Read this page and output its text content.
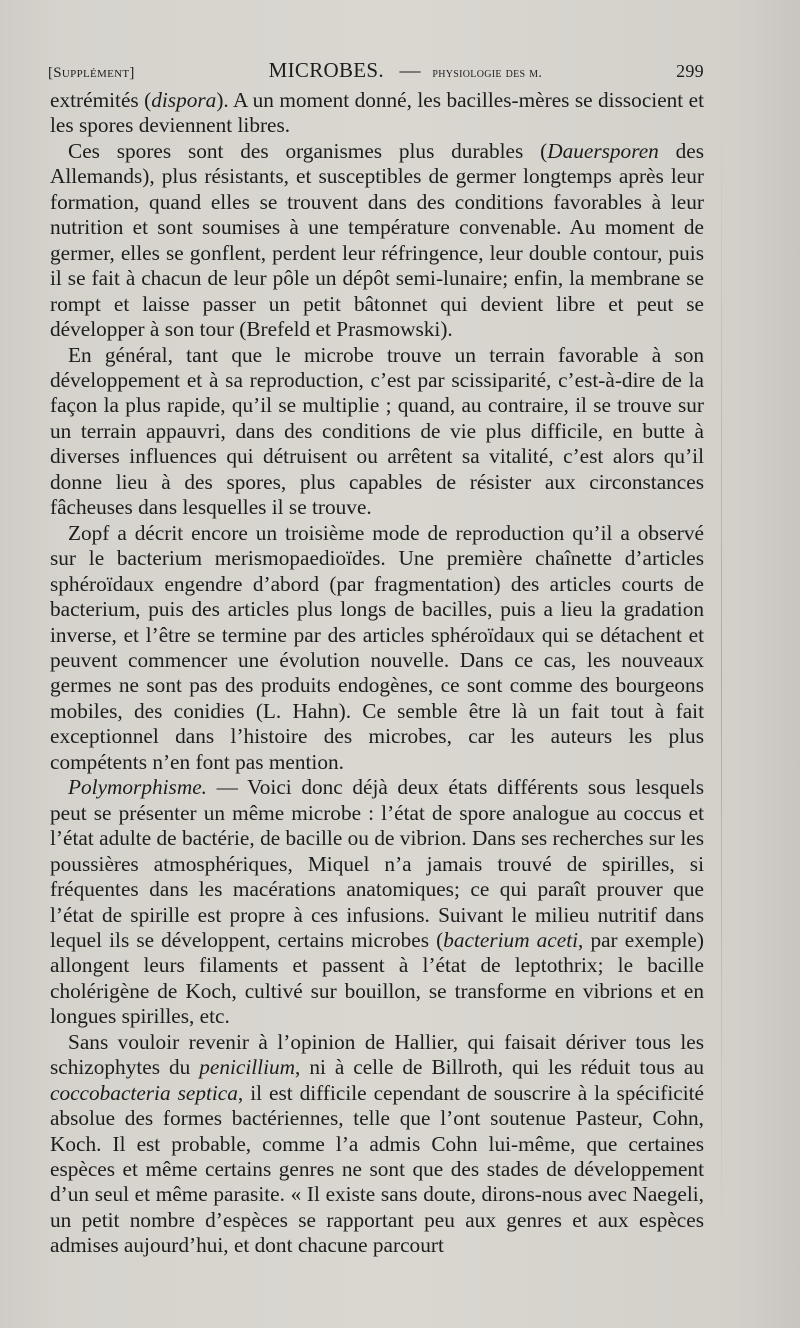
[Supplément]	MICROBES. — physiologie des m.	299

extrémités (dispora). A un moment donné, les bacilles-mères se dissocient et les spores deviennent libres.

Ces spores sont des organismes plus durables (Dauersporen des Allemands), plus résistants, et susceptibles de germer longtemps après leur formation, quand elles se trouvent dans des conditions favorables à leur nutrition et sont soumises à une température convenable. Au moment de germer, elles se gonflent, perdent leur réfringence, leur double contour, puis il se fait à chacun de leur pôle un dépôt semi-lunaire; enfin, la membrane se rompt et laisse passer un petit bâtonnet qui devient libre et peut se développer à son tour (Brefeld et Prasmowski).

En général, tant que le microbe trouve un terrain favorable à son développement et à sa reproduction, c’est par scissiparité, c’est-à-dire de la façon la plus rapide, qu’il se multiplie ; quand, au contraire, il se trouve sur un terrain appauvri, dans des conditions de vie plus difficile, en butte à diverses influences qui détruisent ou arrêtent sa vitalité, c’est alors qu’il donne lieu à des spores, plus capables de résister aux circonstances fâcheuses dans lesquelles il se trouve.

Zopf a décrit encore un troisième mode de reproduction qu’il a observé sur le bacterium merismopaedioïdes. Une première chaînette d’articles sphéroïdaux engendre d’abord (par fragmentation) des articles courts de bacterium, puis des articles plus longs de bacilles, puis a lieu la gradation inverse, et l’être se termine par des articles sphéroïdaux qui se détachent et peuvent commencer une évolution nouvelle. Dans ce cas, les nouveaux germes ne sont pas des produits endogènes, ce sont comme des bourgeons mobiles, des conidies (L. Hahn). Ce semble être là un fait tout à fait exceptionnel dans l’histoire des microbes, car les auteurs les plus compétents n’en font pas mention.

Polymorphisme. — Voici donc déjà deux états différents sous lesquels peut se présenter un même microbe : l’état de spore analogue au coccus et l’état adulte de bactérie, de bacille ou de vibrion. Dans ses recherches sur les poussières atmosphériques, Miquel n’a jamais trouvé de spirilles, si fréquentes dans les macérations anatomiques; ce qui paraît prouver que l’état de spirille est propre à ces infusions. Suivant le milieu nutritif dans lequel ils se développent, certains microbes (bacterium aceti, par exemple) allongent leurs filaments et passent à l’état de leptothrix; le bacille cholérigène de Koch, cultivé sur bouillon, se transforme en vibrions et en longues spirilles, etc.

Sans vouloir revenir à l’opinion de Hallier, qui faisait dériver tous les schizophytes du penicillium, ni à celle de Billroth, qui les réduit tous au coccobacteria septica, il est difficile cependant de souscrire à la spécificité absolue des formes bactériennes, telle que l’ont soutenue Pasteur, Cohn, Koch. Il est probable, comme l’a admis Cohn lui-même, que certaines espèces et même certains genres ne sont que des stades de développement d’un seul et même parasite. « Il existe sans doute, dirons-nous avec Naegeli, un petit nombre d’espèces se rapportant peu aux genres et aux espèces admises aujourd’hui, et dont chacune parcourt
